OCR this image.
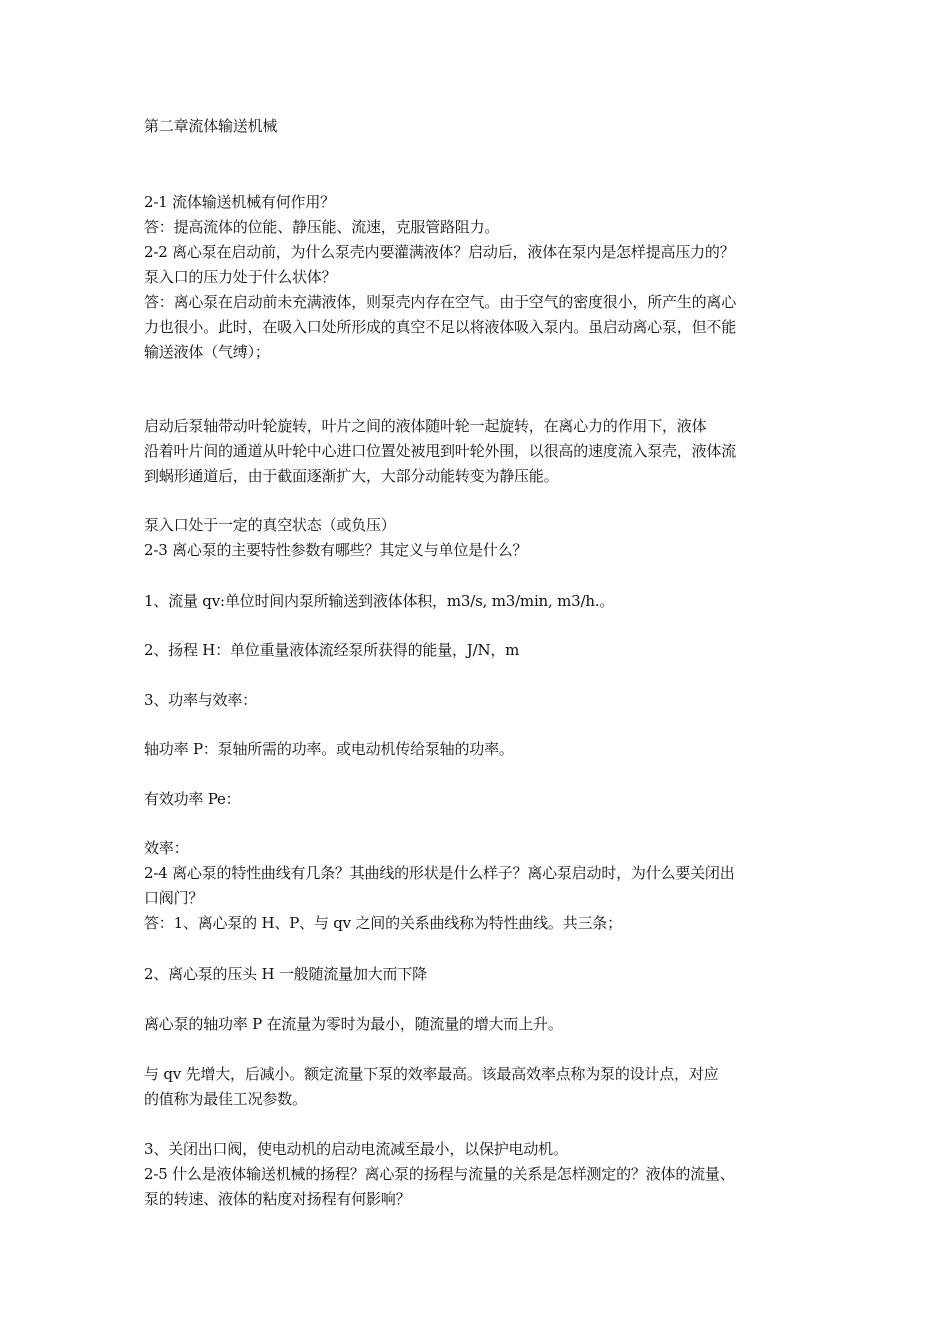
第二章流体输送机械
2-1 流体输送机械有何作用？
答：提高流体的位能、静压能、流速，克服管路阻力。
2-2 离心泵在启动前，为什么泵壳内要灌满液体？启动后，液体在泵内是怎样提高压力的？
泵入口的压力处于什么状体？
答：离心泵在启动前未充满液体，则泵壳内存在空气。由于空气的密度很小，所产生的离心
力也很小。此时，在吸入口处所形成的真空不足以将液体吸入泵内。虽启动离心泵，但不能
输送液体（气缚）；
启动后泵轴带动叶轮旋转，叶片之间的液体随叶轮一起旋转，在离心力的作用下，液体
沿着叶片间的通道从叶轮中心进口位置处被甩到叶轮外围，以很高的速度流入泵壳，液体流
到蜗形通道后，由于截面逐渐扩大，大部分动能转变为静压能。
泵入口处于一定的真空状态（或负压）
2-3 离心泵的主要特性参数有哪些？其定义与单位是什么？
1、流量 qv:单位时间内泵所输送到液体体积，m3/s, m3/min, m3/h.。
2、扬程 H：单位重量液体流经泵所获得的能量，J/N，m
3、功率与效率：
轴功率 P：泵轴所需的功率。或电动机传给泵轴的功率。
有效功率 Pe：
效率：
2-4 离心泵的特性曲线有几条？其曲线的形状是什么样子？离心泵启动时，为什么要关闭出
口阀门？
答：1、离心泵的 H、P、与 qv 之间的关系曲线称为特性曲线。共三条；
2、离心泵的压头 H 一般随流量加大而下降
离心泵的轴功率 P 在流量为零时为最小，随流量的增大而上升。
与 qv 先增大，后减小。额定流量下泵的效率最高。该最高效率点称为泵的设计点，对应
的值称为最佳工况参数。
3、关闭出口阀，使电动机的启动电流减至最小，以保护电动机。
2-5 什么是液体输送机械的扬程？离心泵的扬程与流量的关系是怎样测定的？液体的流量、
泵的转速、液体的粘度对扬程有何影响？
